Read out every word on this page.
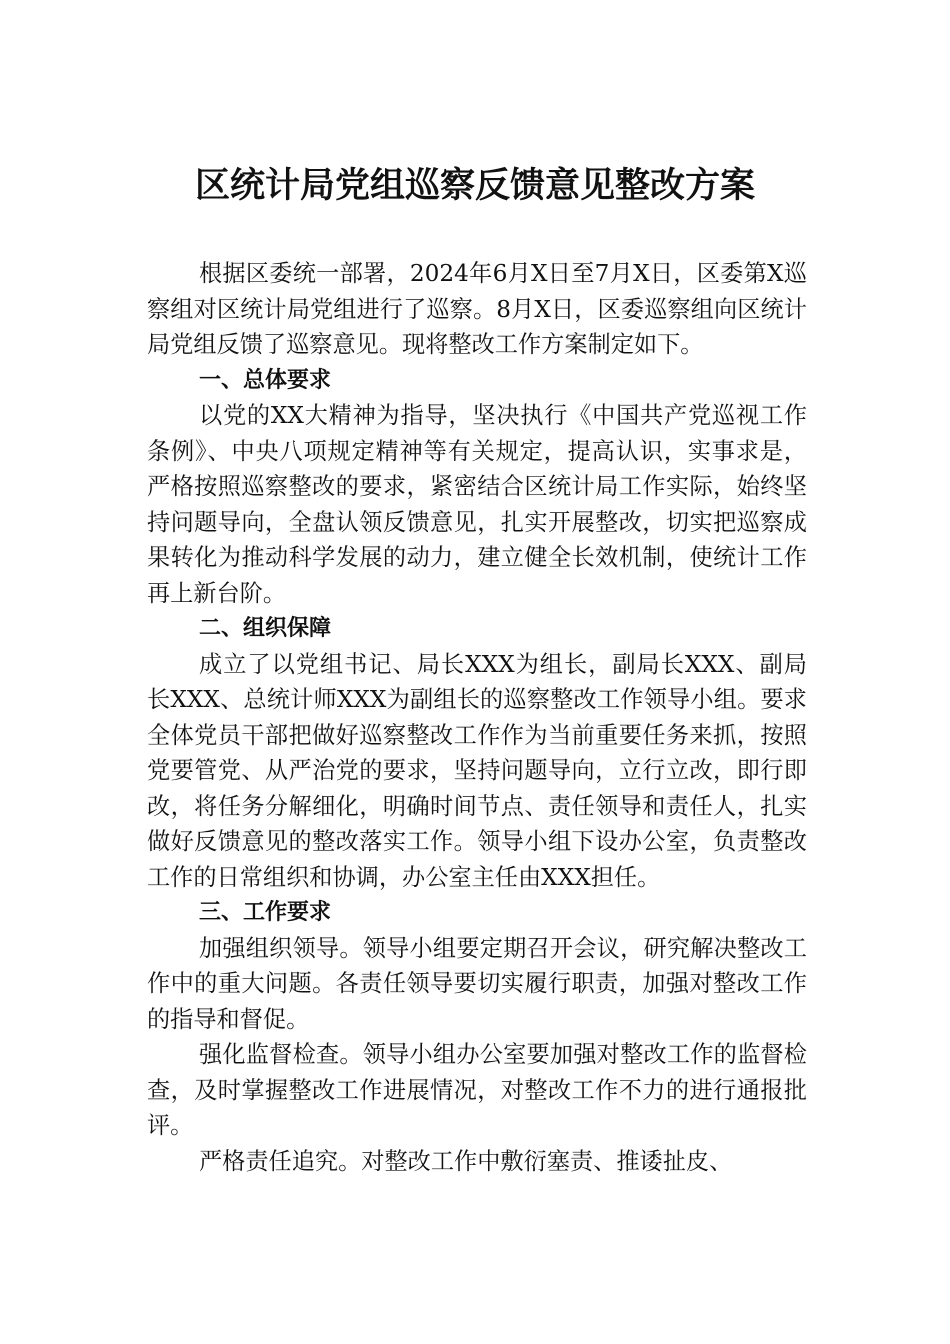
区统计局党组巡察反馈意见整改方案

根据区委统一部署，2024年6月X日至7月X日，区委第X巡察组对区统计局党组进行了巡察。8月X日，区委巡察组向区统计局党组反馈了巡察意见。现将整改工作方案制定如下。

一、总体要求

以党的XX大精神为指导，坚决执行《中国共产党巡视工作条例》、中央八项规定精神等有关规定，提高认识，实事求是，严格按照巡察整改的要求，紧密结合区统计局工作实际，始终坚持问题导向，全盘认领反馈意见，扎实开展整改，切实把巡察成果转化为推动科学发展的动力，建立健全长效机制，使统计工作再上新台阶。

二、组织保障

成立了以党组书记、局长XXX为组长，副局长XXX、副局长XXX、总统计师XXX为副组长的巡察整改工作领导小组。要求全体党员干部把做好巡察整改工作作为当前重要任务来抓，按照党要管党、从严治党的要求，坚持问题导向，立行立改，即行即改，将任务分解细化，明确时间节点、责任领导和责任人，扎实做好反馈意见的整改落实工作。领导小组下设办公室，负责整改工作的日常组织和协调，办公室主任由XXX担任。

三、工作要求

加强组织领导。领导小组要定期召开会议，研究解决整改工作中的重大问题。各责任领导要切实履行职责，加强对整改工作的指导和督促。

强化监督检查。领导小组办公室要加强对整改工作的监督检查，及时掌握整改工作进展情况，对整改工作不力的进行通报批评。

严格责任追究。对整改工作中敷衍塞责、推诿扯皮、
